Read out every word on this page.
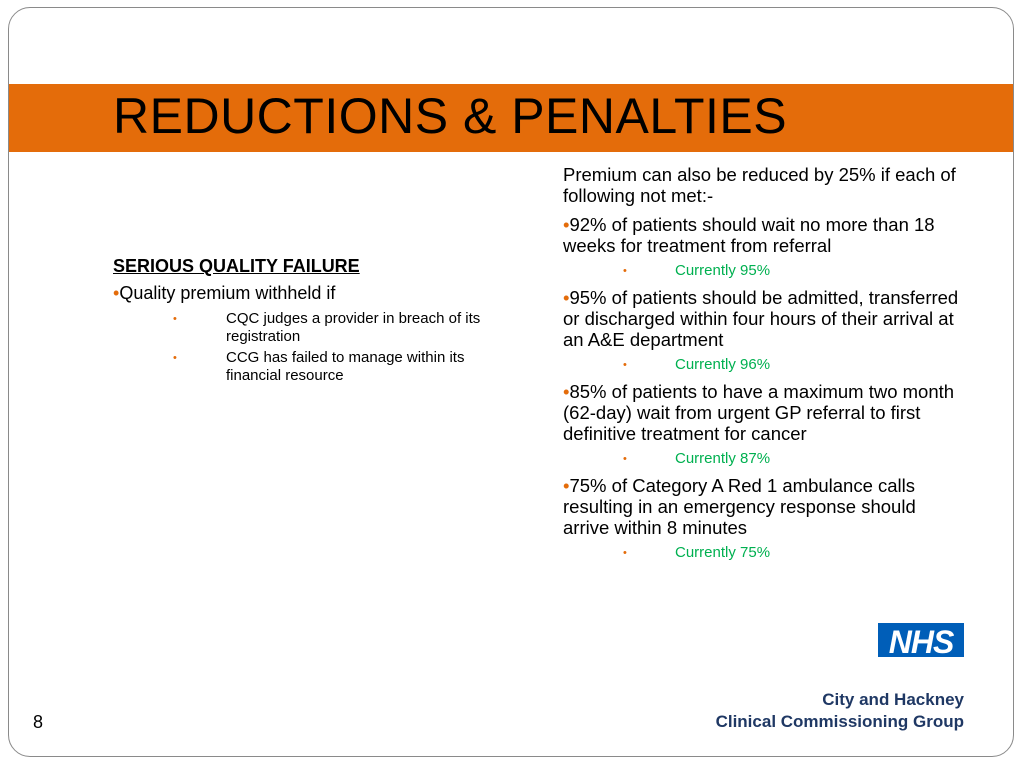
REDUCTIONS & PENALTIES
SERIOUS QUALITY FAILURE
•Quality premium withheld if
•	CQC judges a provider in breach of its registration
•	CCG has failed to manage within its financial resource
Premium can also be reduced by 25% if each of following not met:-
•92% of patients should wait no more than 18 weeks for treatment from referral
•	Currently 95%
•95% of patients should be admitted, transferred or discharged within four hours of their arrival at an A&E department
•	Currently 96%
•85% of patients to have a maximum two month (62-day) wait from urgent GP referral to first definitive treatment for cancer
•	Currently 87%
•75% of Category A Red 1 ambulance calls resulting in an emergency response should arrive within 8 minutes
•	Currently 75%
NHS
City and Hackney
Clinical Commissioning Group
8
